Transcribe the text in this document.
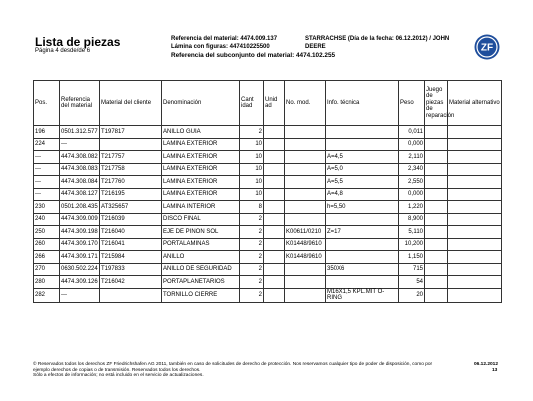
Lista de piezas
Página 4 desde/de 6
Referencia del material: 4474.009.137
Lámina con figuras: 447410225500
Referencia del subconjunto del material: 4474.102.255
STARRACHSE (Día de la fecha: 06.12.2012) / JOHN
DEERE	ZF
Pos.	Referencia del material	Material del cliente	Denominación	Cant idad	Unid ad	No. mod.	Info. técnica	Peso	Juego de piezas de reparación	Material alternativo
196	0501.312.577	T197817	ANILLO GUIA	2				0,011		
224	---		LAMINA EXTERIOR	10				0,000		
---	4474.308.082	T217757	LAMINA EXTERIOR	10			A=4,5	2,110		
---	4474.308.083	T217758	LAMINA EXTERIOR	10			A=5,0	2,340		
---	4474.308.084	T217760	LAMINA EXTERIOR	10			A=5,5	2,550		
---	4474.308.127	T216195	LAMINA EXTERIOR	10			A=4,8	0,000		
230	0501.208.435	AT325657	LAMINA INTERIOR	8			h=5,50	1,220		
240	4474.309.009	T216039	DISCO FINAL	2				8,900		
250	4474.309.198	T216040	EJE DE PINON SOL	2		K00611/0210	Z=17	5,110		
260	4474.309.170	T216041	PORTALAMINAS	2		K01448/9610		10,200		
266	4474.309.171	T215984	ANILLO	2		K01448/9610		1,150		
270	0630.502.224	T197833	ANILLO DE SEGURIDAD	2			350X6	715		
280	4474.309.126	T216042	PORTAPLANETARIOS	2				54		
282	---		TORNILLO CIERRE	2			M16X1,5 KPL.MIT O-RING	20		
© Reservados todos los derechos ZF Friedrichshafen AG 2011, también en caso de solicitudes de derecho de protección. Nos reservamos cualquier tipo de poder de disposición, como por
ejemplo derechos de copias o de transmisión. Reservados todos los derechos.
Sólo a efectos de información; no está incluido en el servicio de actualizaciones.
06.12.2012
13
